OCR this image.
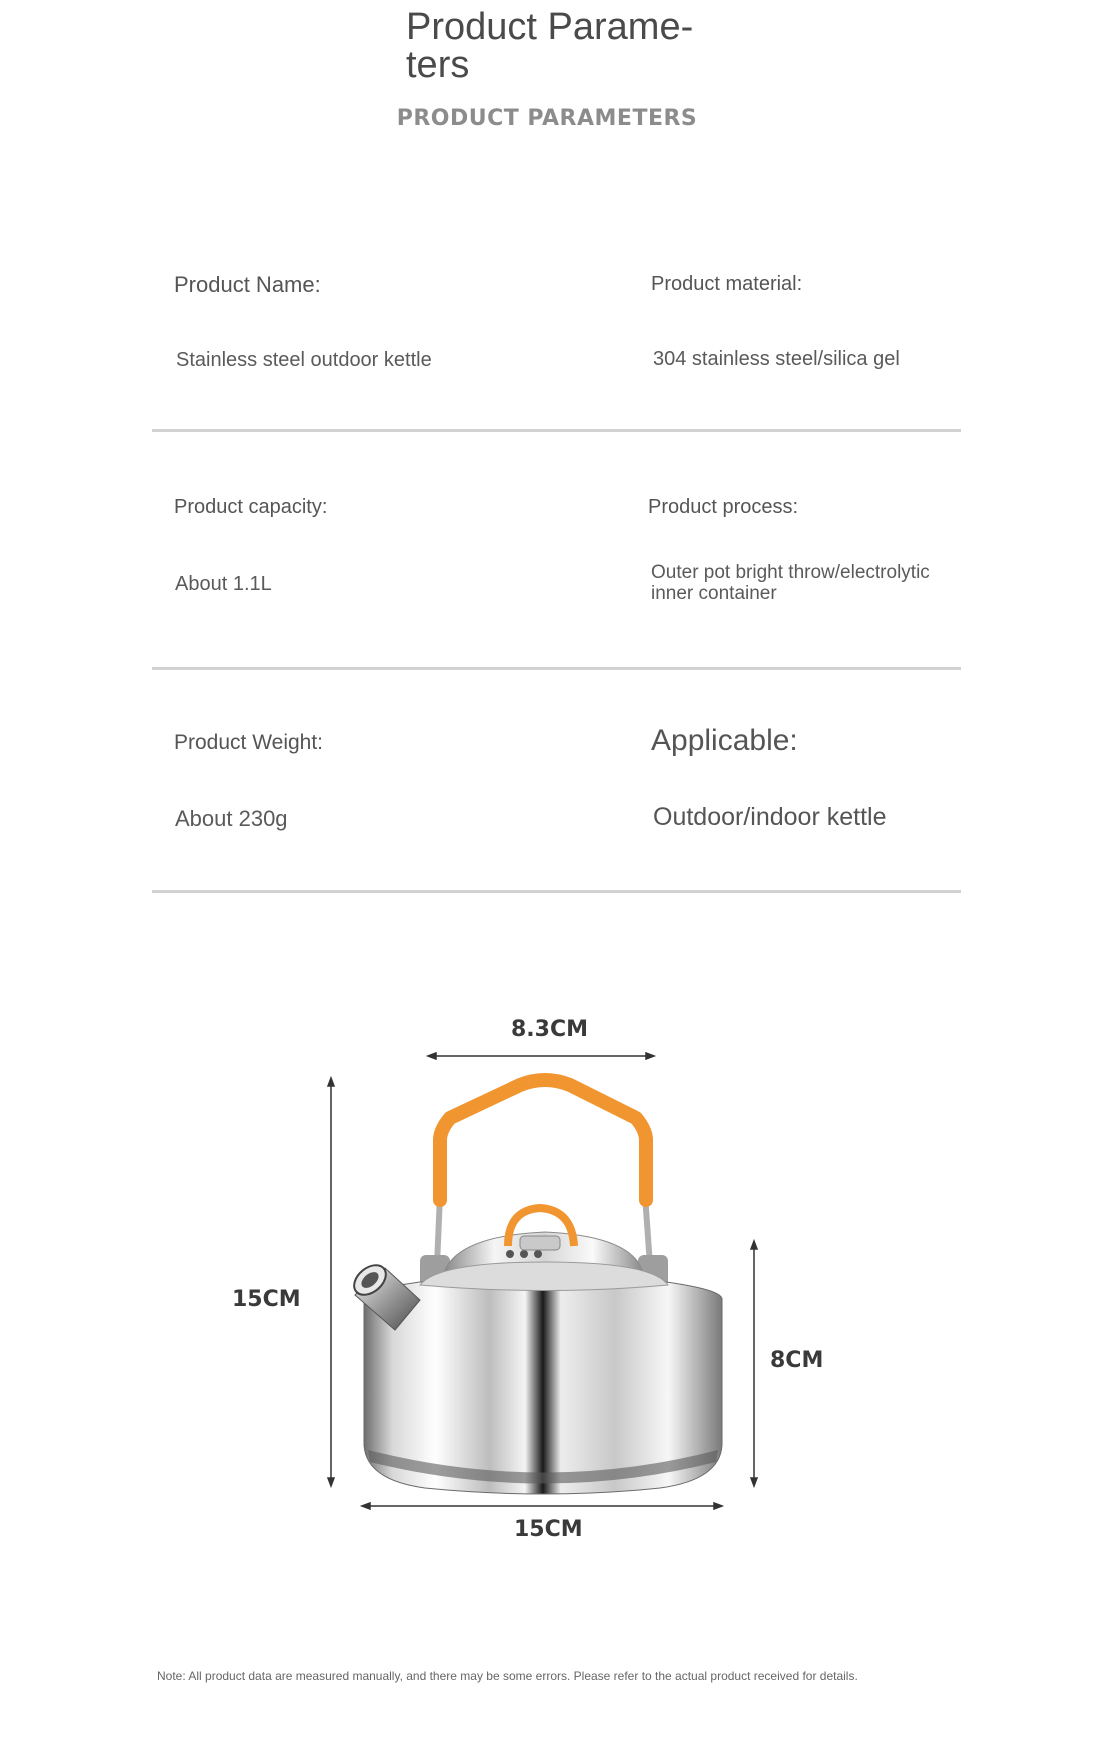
Product Parame-
ters
PRODUCT PARAMETERS
Product Name:
Stainless steel outdoor kettle
Product material:
304 stainless steel/silica gel
Product capacity:
About 1.1L
Product process:
Outer pot bright throw/electrolytic inner container
Product Weight:
About 230g
Applicable:
Outdoor/indoor kettle
8.3CM
15CM
8CM
15CM
Note: All product data are measured manually, and there may be some errors. Please refer to the actual product received for details.
